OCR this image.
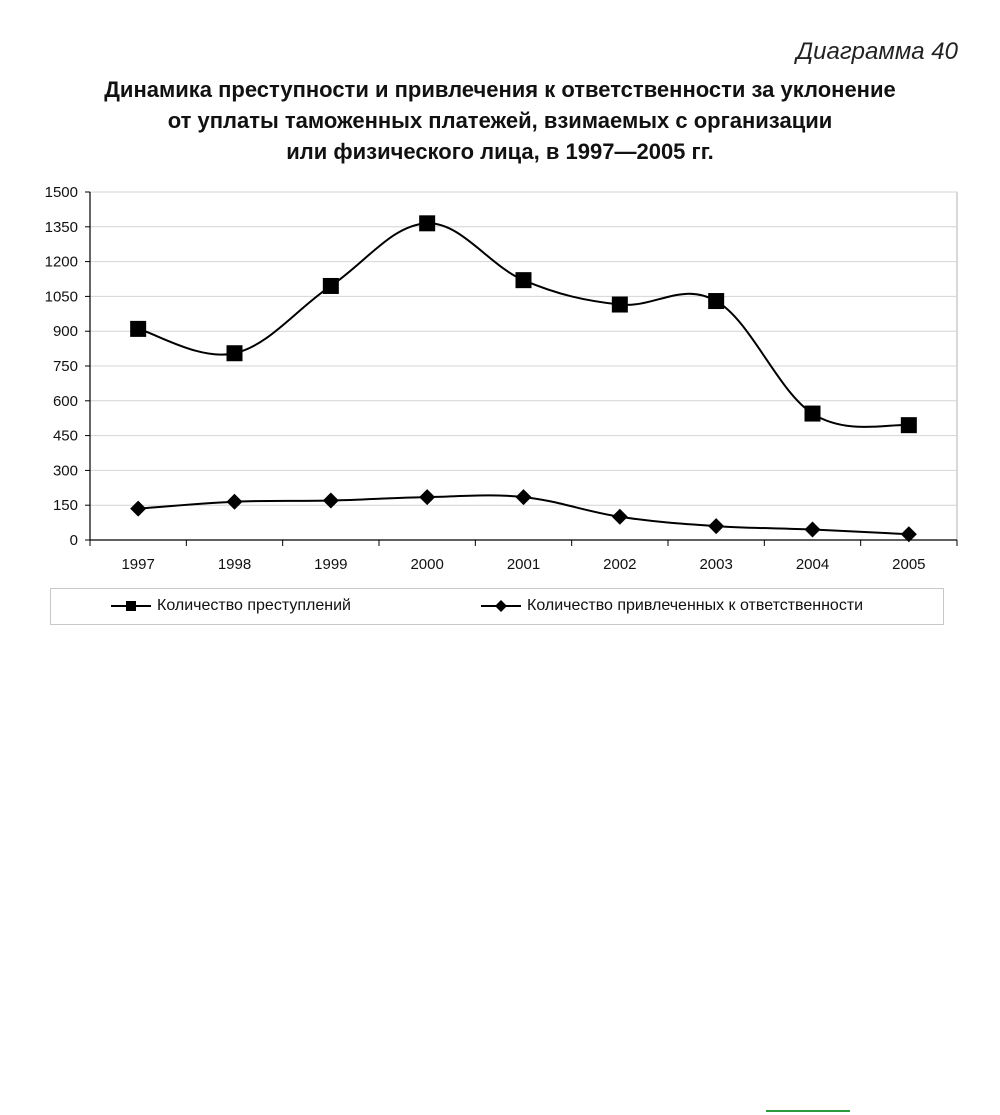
Диаграмма 40
Динамика преступности и привлечения к ответственности за уклонение
от уплаты таможенных платежей, взимаемых с организации
или физического лица, в 1997—2005 гг.
0
150
300
450
600
750
900
1050
1200
1350
1500
1997	1998	1999	2000	2001	2002	2003	2004	2005
Количество преступлений	Количество привлеченных к ответственности
